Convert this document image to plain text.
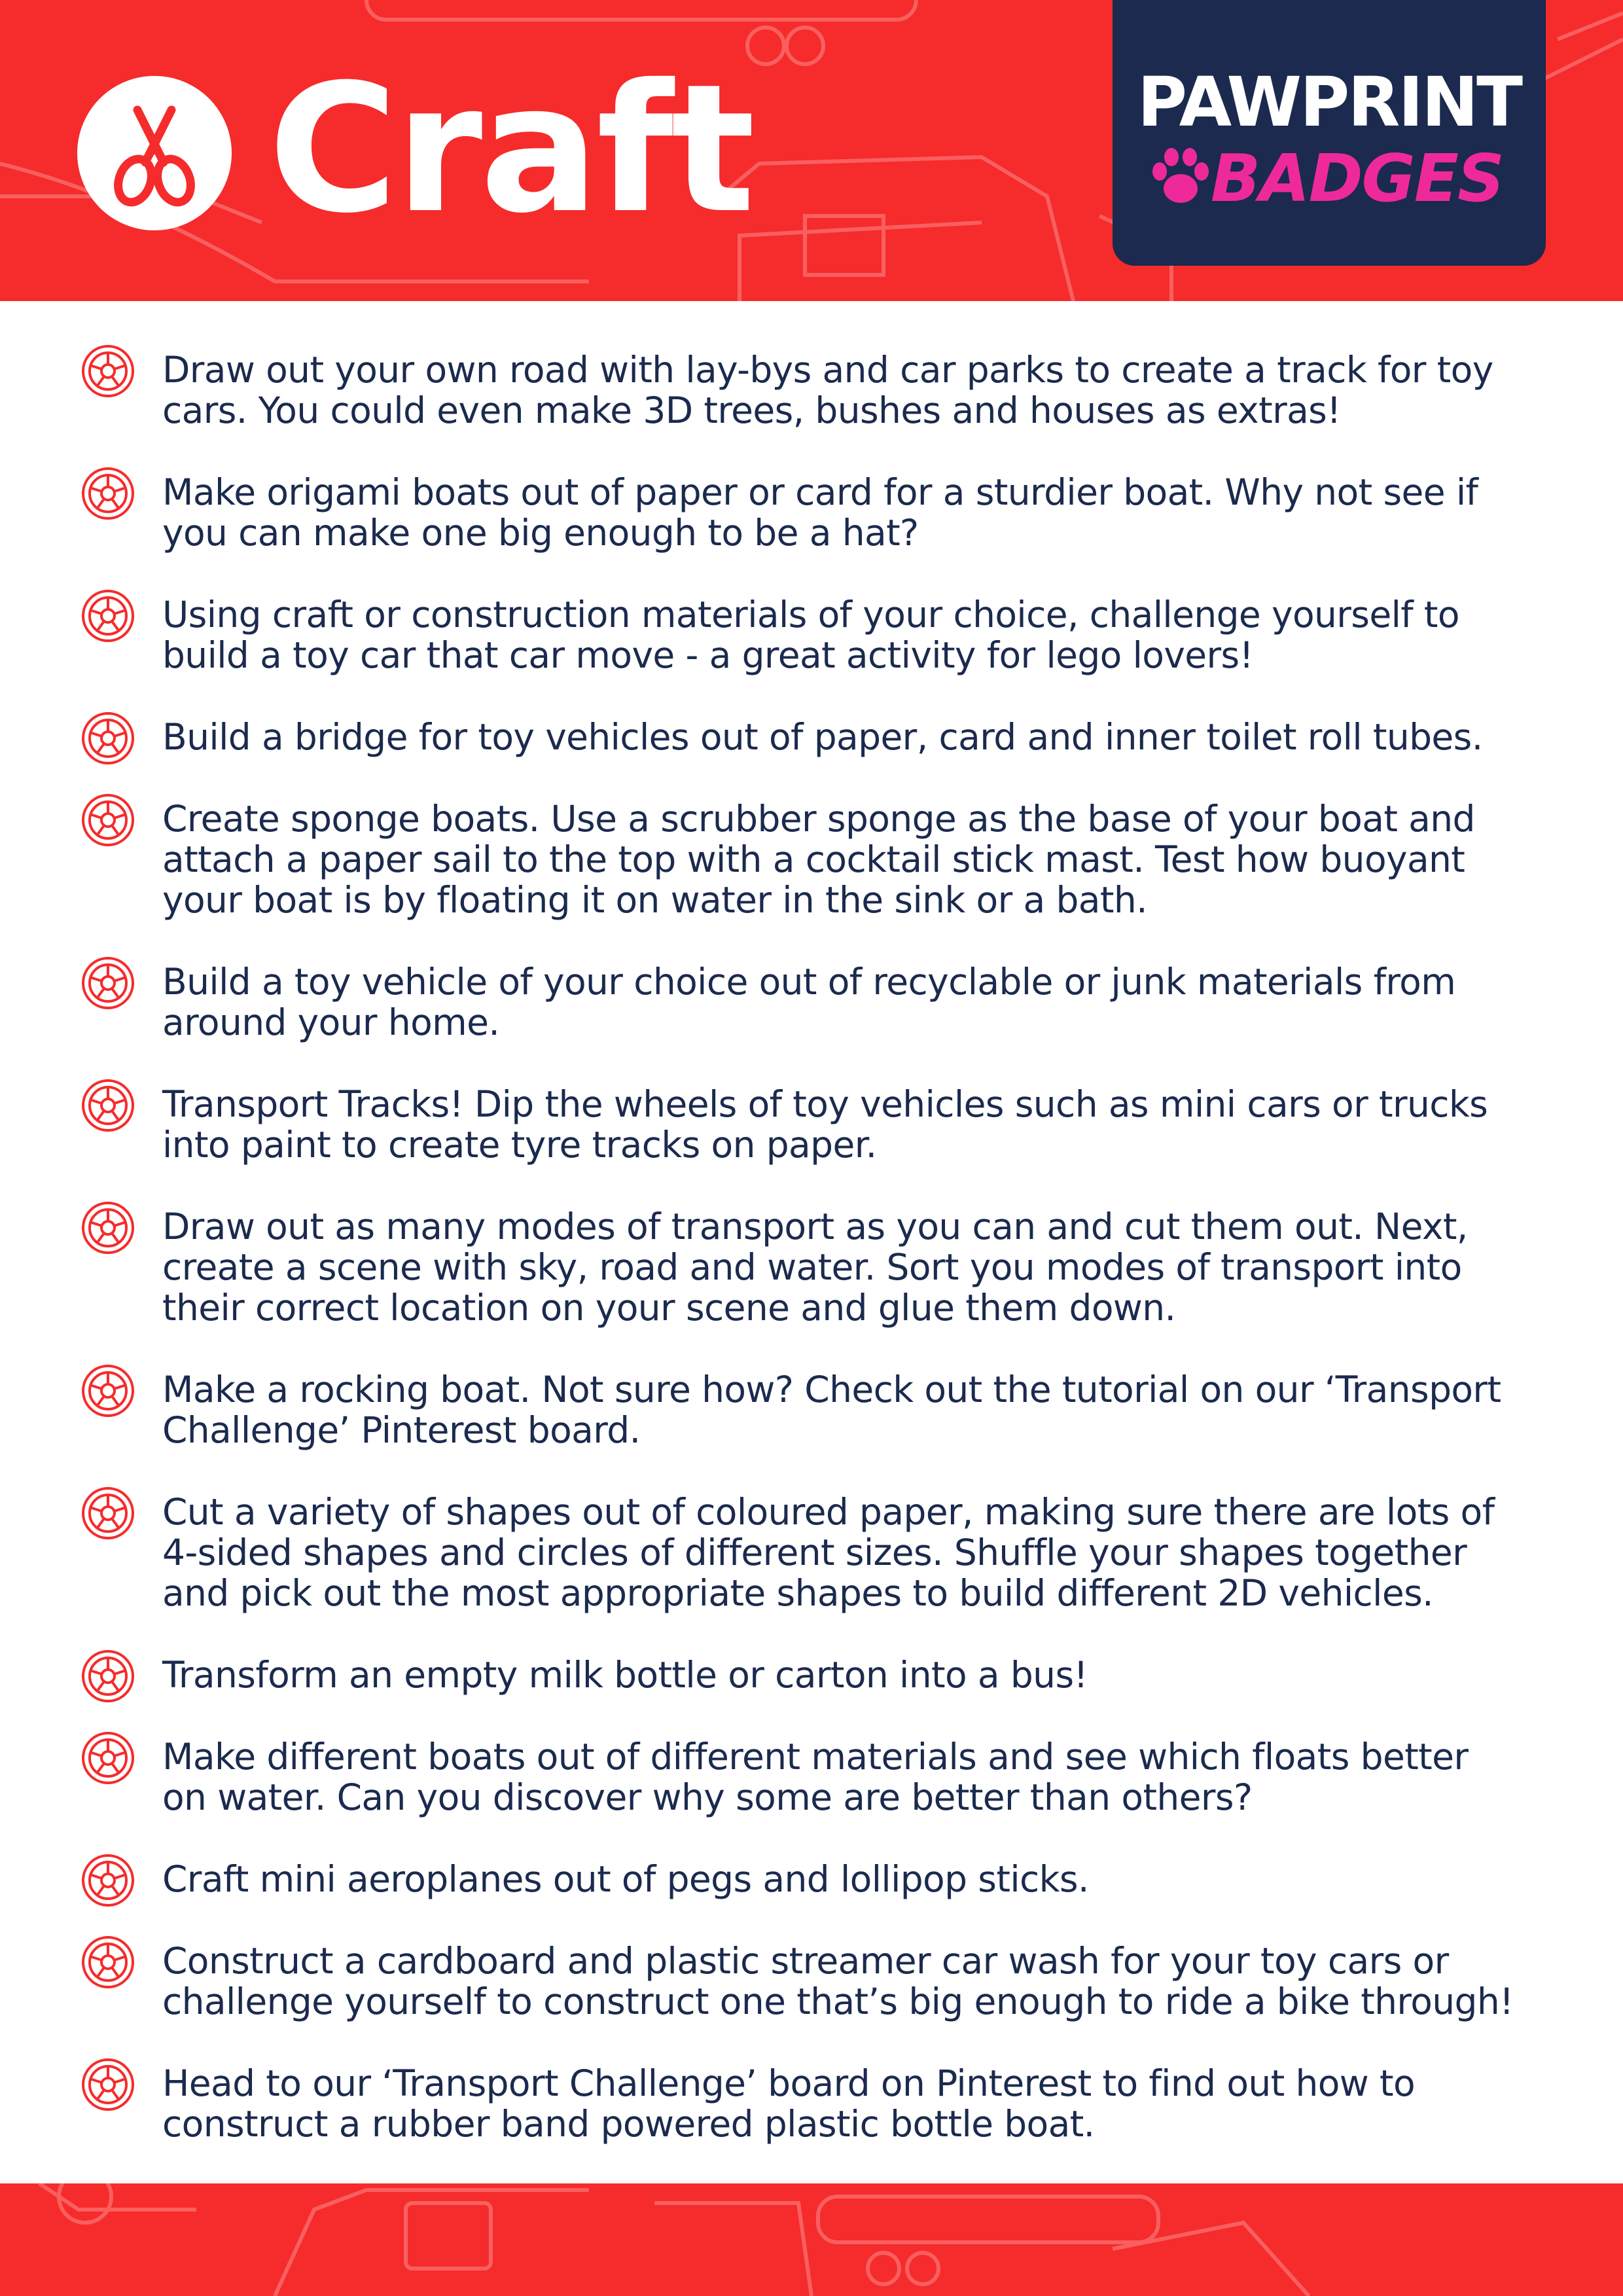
Craft	PAWPRINT
BADGES
Draw out your own road with lay-bys and car parks to create a track for toy
cars. You could even make 3D trees, bushes and houses as extras!
Make origami boats out of paper or card for a sturdier boat. Why not see if
you can make one big enough to be a hat?
Using craft or construction materials of your choice, challenge yourself to
build a toy car that car move - a great activity for lego lovers!
Build a bridge for toy vehicles out of paper, card and inner toilet roll tubes.
Create sponge boats. Use a scrubber sponge as the base of your boat and
attach a paper sail to the top with a cocktail stick mast. Test how buoyant
your boat is by floating it on water in the sink or a bath.
Build a toy vehicle of your choice out of recyclable or junk materials from
around your home.
Transport Tracks! Dip the wheels of toy vehicles such as mini cars or trucks
into paint to create tyre tracks on paper.
Draw out as many modes of transport as you can and cut them out. Next,
create a scene with sky, road and water. Sort you modes of transport into
their correct location on your scene and glue them down.
Make a rocking boat. Not sure how? Check out the tutorial on our ‘Transport
Challenge’ Pinterest board.
Cut a variety of shapes out of coloured paper, making sure there are lots of
4-sided shapes and circles of different sizes. Shuffle your shapes together
and pick out the most appropriate shapes to build different 2D vehicles.
Transform an empty milk bottle or carton into a bus!
Make different boats out of different materials and see which floats better
on water. Can you discover why some are better than others?
Craft mini aeroplanes out of pegs and lollipop sticks.
Construct a cardboard and plastic streamer car wash for your toy cars or
challenge yourself to construct one that’s big enough to ride a bike through!
Head to our ‘Transport Challenge’ board on Pinterest to find out how to
construct a rubber band powered plastic bottle boat.
